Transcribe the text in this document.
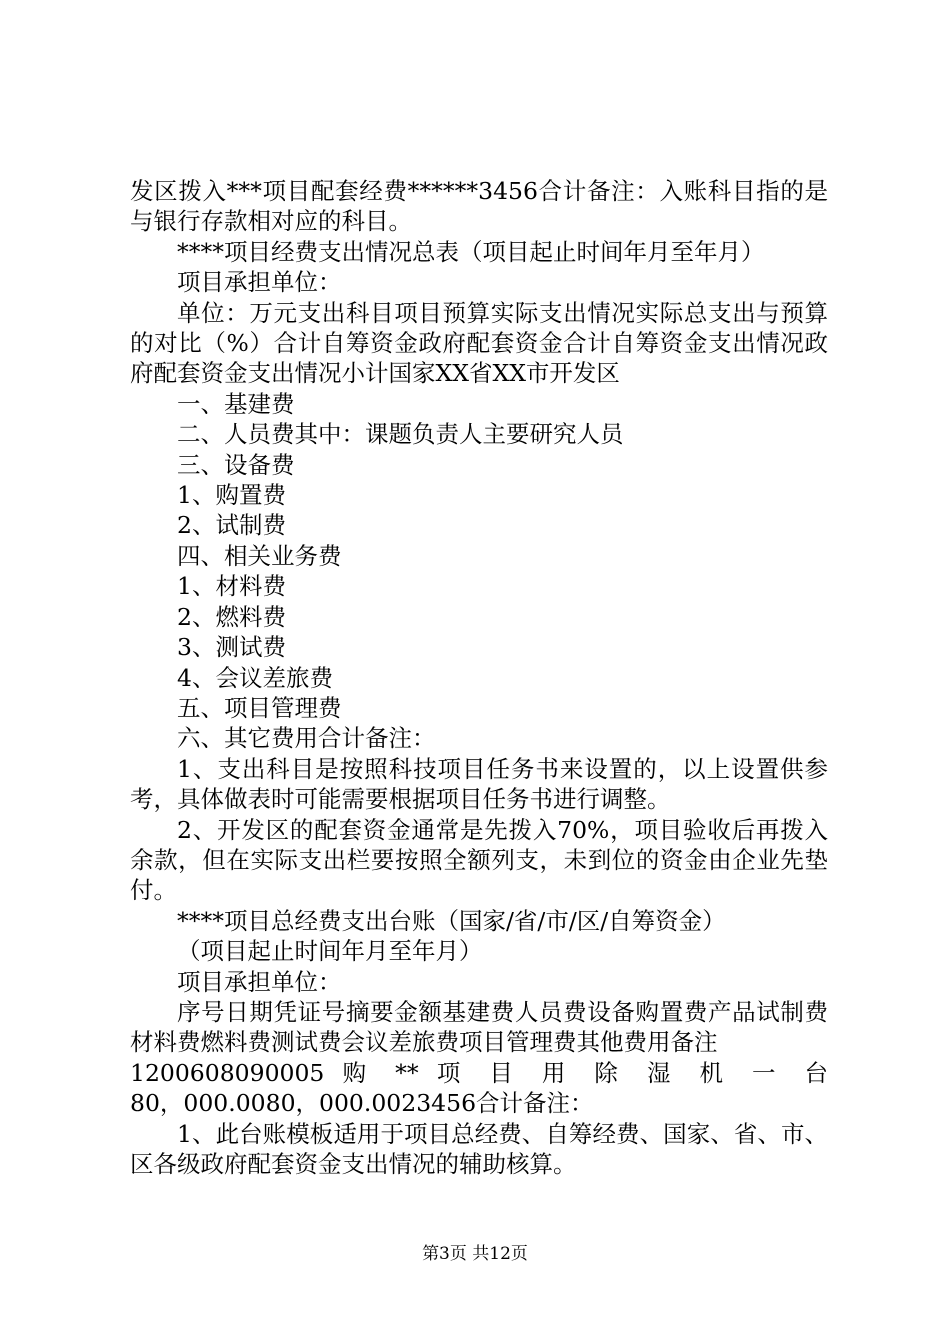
发区拨入***项目配套经费******3456合计备注：入账科目指的是与银行存款相对应的科目。

****项目经费支出情况总表（项目起止时间年月至年月）

项目承担单位：

单位：万元支出科目项目预算实际支出情况实际总支出与预算的对比（%）合计自筹资金政府配套资金合计自筹资金支出情况政府配套资金支出情况小计国家XX省XX市开发区

一、基建费

二、人员费其中：课题负责人主要研究人员

三、设备费

1、购置费

2、试制费

四、相关业务费

1、材料费

2、燃料费

3、测试费

4、会议差旅费

五、项目管理费

六、其它费用合计备注：

1、支出科目是按照科技项目任务书来设置的，以上设置供参考，具体做表时可能需要根据项目任务书进行调整。

2、开发区的配套资金通常是先拨入70%，项目验收后再拨入余款，但在实际支出栏要按照全额列支，未到位的资金由企业先垫付。

****项目总经费支出台账（国家/省/市/区/自筹资金）

（项目起止时间年月至年月）

项目承担单位：

序号日期凭证号摘要金额基建费人员费设备购置费产品试制费材料费燃料费测试费会议差旅费项目管理费其他费用备注

1200608090005 购 ** 项 目 用 除 湿 机 一 台

80，000.0080，000.0023456合计备注：

1、此台账模板适用于项目总经费、自筹经费、国家、省、市、区各级政府配套资金支出情况的辅助核算。

第3页 共12页
